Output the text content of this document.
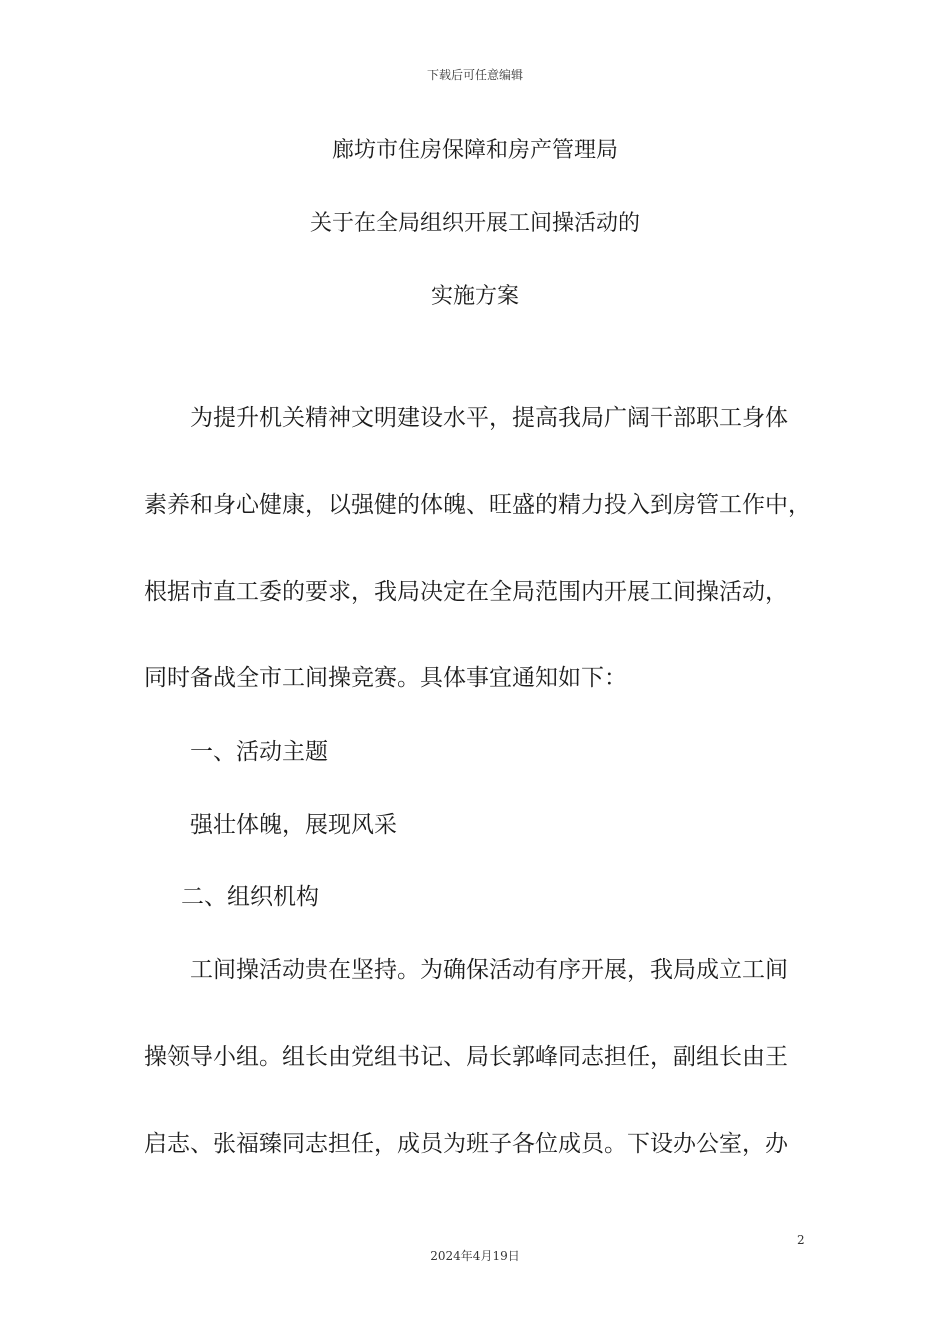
下载后可任意编辑
廊坊市住房保障和房产管理局
关于在全局组织开展工间操活动的
实施方案
为提升机关精神文明建设水平，提高我局广阔干部职工身体
素养和身心健康，以强健的体魄、旺盛的精力投入到房管工作中，
根据市直工委的要求，我局决定在全局范围内开展工间操活动，
同时备战全市工间操竞赛。具体事宜通知如下：
一、活动主题
强壮体魄，展现风采
二、组织机构
工间操活动贵在坚持。为确保活动有序开展，我局成立工间
操领导小组。组长由党组书记、局长郭峰同志担任，副组长由王
启志、张福臻同志担任，成员为班子各位成员。下设办公室，办
2
2024年4月19日
